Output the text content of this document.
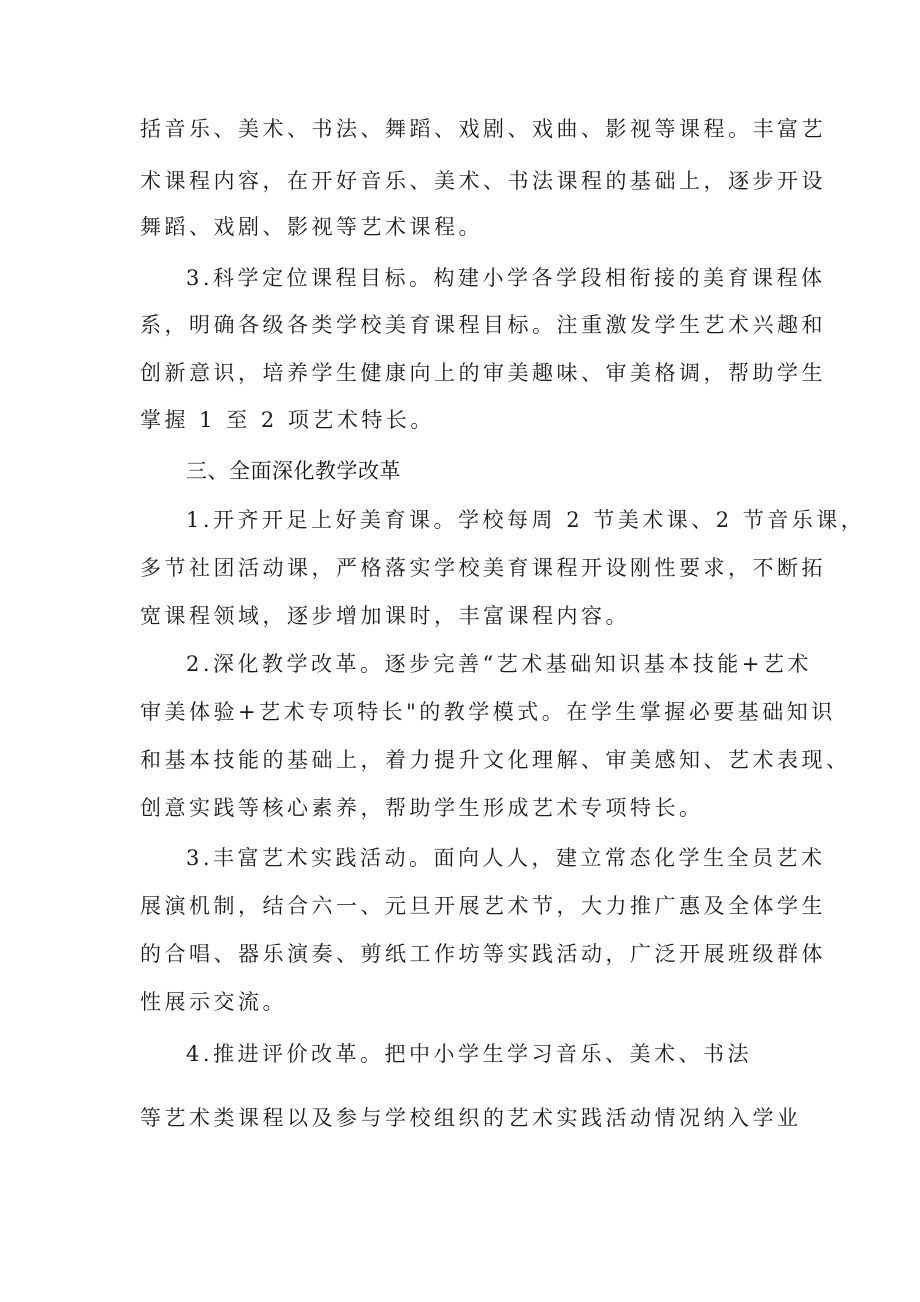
括音乐、美术、书法、舞蹈、戏剧、戏曲、影视等课程。丰富艺
术课程内容，在开好音乐、美术、书法课程的基础上，逐步开设
舞蹈、戏剧、影视等艺术课程。
3.科学定位课程目标。构建小学各学段相衔接的美育课程体
系，明确各级各类学校美育课程目标。注重激发学生艺术兴趣和
创新意识，培养学生健康向上的审美趣味、审美格调，帮助学生
掌握 1 至 2 项艺术特长。
三、全面深化教学改革
1.开齐开足上好美育课。学校每周 2 节美术课、2 节音乐课，
多节社团活动课，严格落实学校美育课程开设刚性要求，不断拓
宽课程领域，逐步增加课时，丰富课程内容。
2.深化教学改革。逐步完善“艺术基础知识基本技能+艺术
审美体验+艺术专项特长"的教学模式。在学生掌握必要基础知识
和基本技能的基础上，着力提升文化理解、审美感知、艺术表现、
创意实践等核心素养，帮助学生形成艺术专项特长。
3.丰富艺术实践活动。面向人人，建立常态化学生全员艺术
展演机制，结合六一、元旦开展艺术节，大力推广惠及全体学生
的合唱、器乐演奏、剪纸工作坊等实践活动，广泛开展班级群体
性展示交流。
4.推进评价改革。把中小学生学习音乐、美术、书法
等艺术类课程以及参与学校组织的艺术实践活动情况纳入学业
